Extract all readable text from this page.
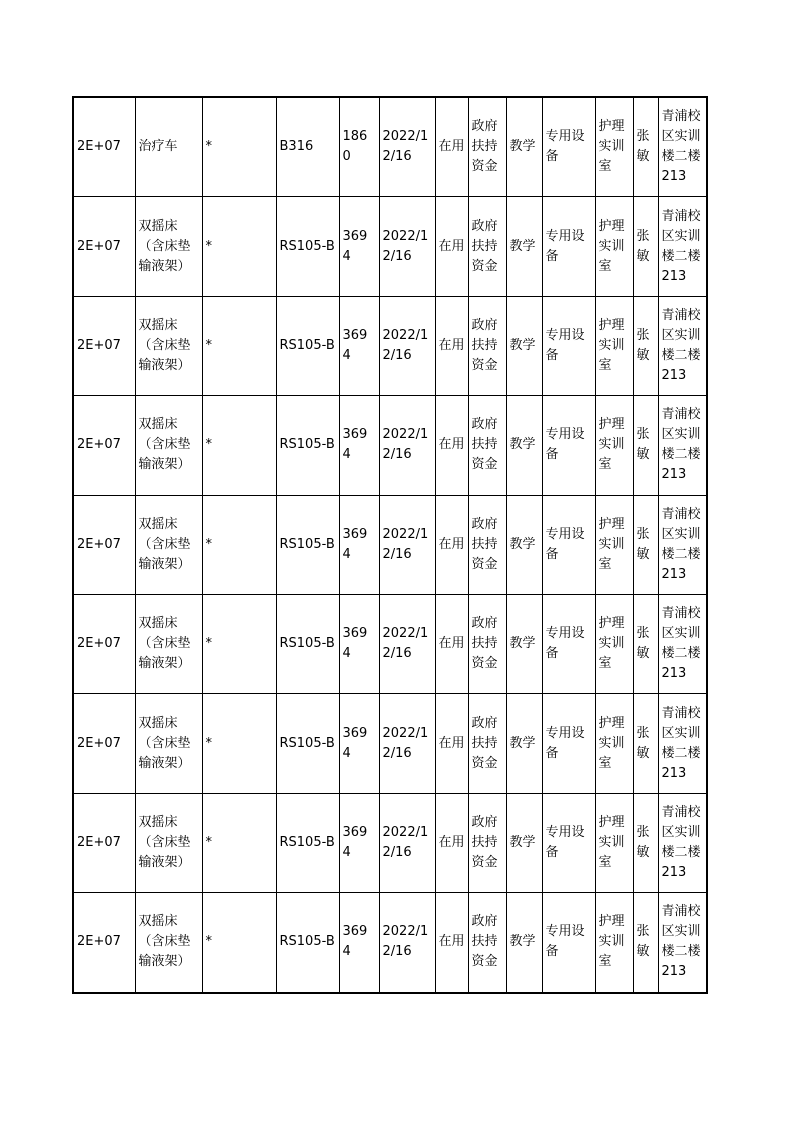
2E+07	治疗车	*	B316	1860	2022/12/16	在用	政府扶持资金	教学	专用设备	护理实训室	张敏	青浦校区实训楼二楼213
2E+07	双摇床（含床垫输液架）	*	RS105-B	3694	2022/12/16	在用	政府扶持资金	教学	专用设备	护理实训室	张敏	青浦校区实训楼二楼213
2E+07	双摇床（含床垫输液架）	*	RS105-B	3694	2022/12/16	在用	政府扶持资金	教学	专用设备	护理实训室	张敏	青浦校区实训楼二楼213
2E+07	双摇床（含床垫输液架）	*	RS105-B	3694	2022/12/16	在用	政府扶持资金	教学	专用设备	护理实训室	张敏	青浦校区实训楼二楼213
2E+07	双摇床（含床垫输液架）	*	RS105-B	3694	2022/12/16	在用	政府扶持资金	教学	专用设备	护理实训室	张敏	青浦校区实训楼二楼213
2E+07	双摇床（含床垫输液架）	*	RS105-B	3694	2022/12/16	在用	政府扶持资金	教学	专用设备	护理实训室	张敏	青浦校区实训楼二楼213
2E+07	双摇床（含床垫输液架）	*	RS105-B	3694	2022/12/16	在用	政府扶持资金	教学	专用设备	护理实训室	张敏	青浦校区实训楼二楼213
2E+07	双摇床（含床垫输液架）	*	RS105-B	3694	2022/12/16	在用	政府扶持资金	教学	专用设备	护理实训室	张敏	青浦校区实训楼二楼213
2E+07	双摇床（含床垫输液架）	*	RS105-B	3694	2022/12/16	在用	政府扶持资金	教学	专用设备	护理实训室	张敏	青浦校区实训楼二楼213
